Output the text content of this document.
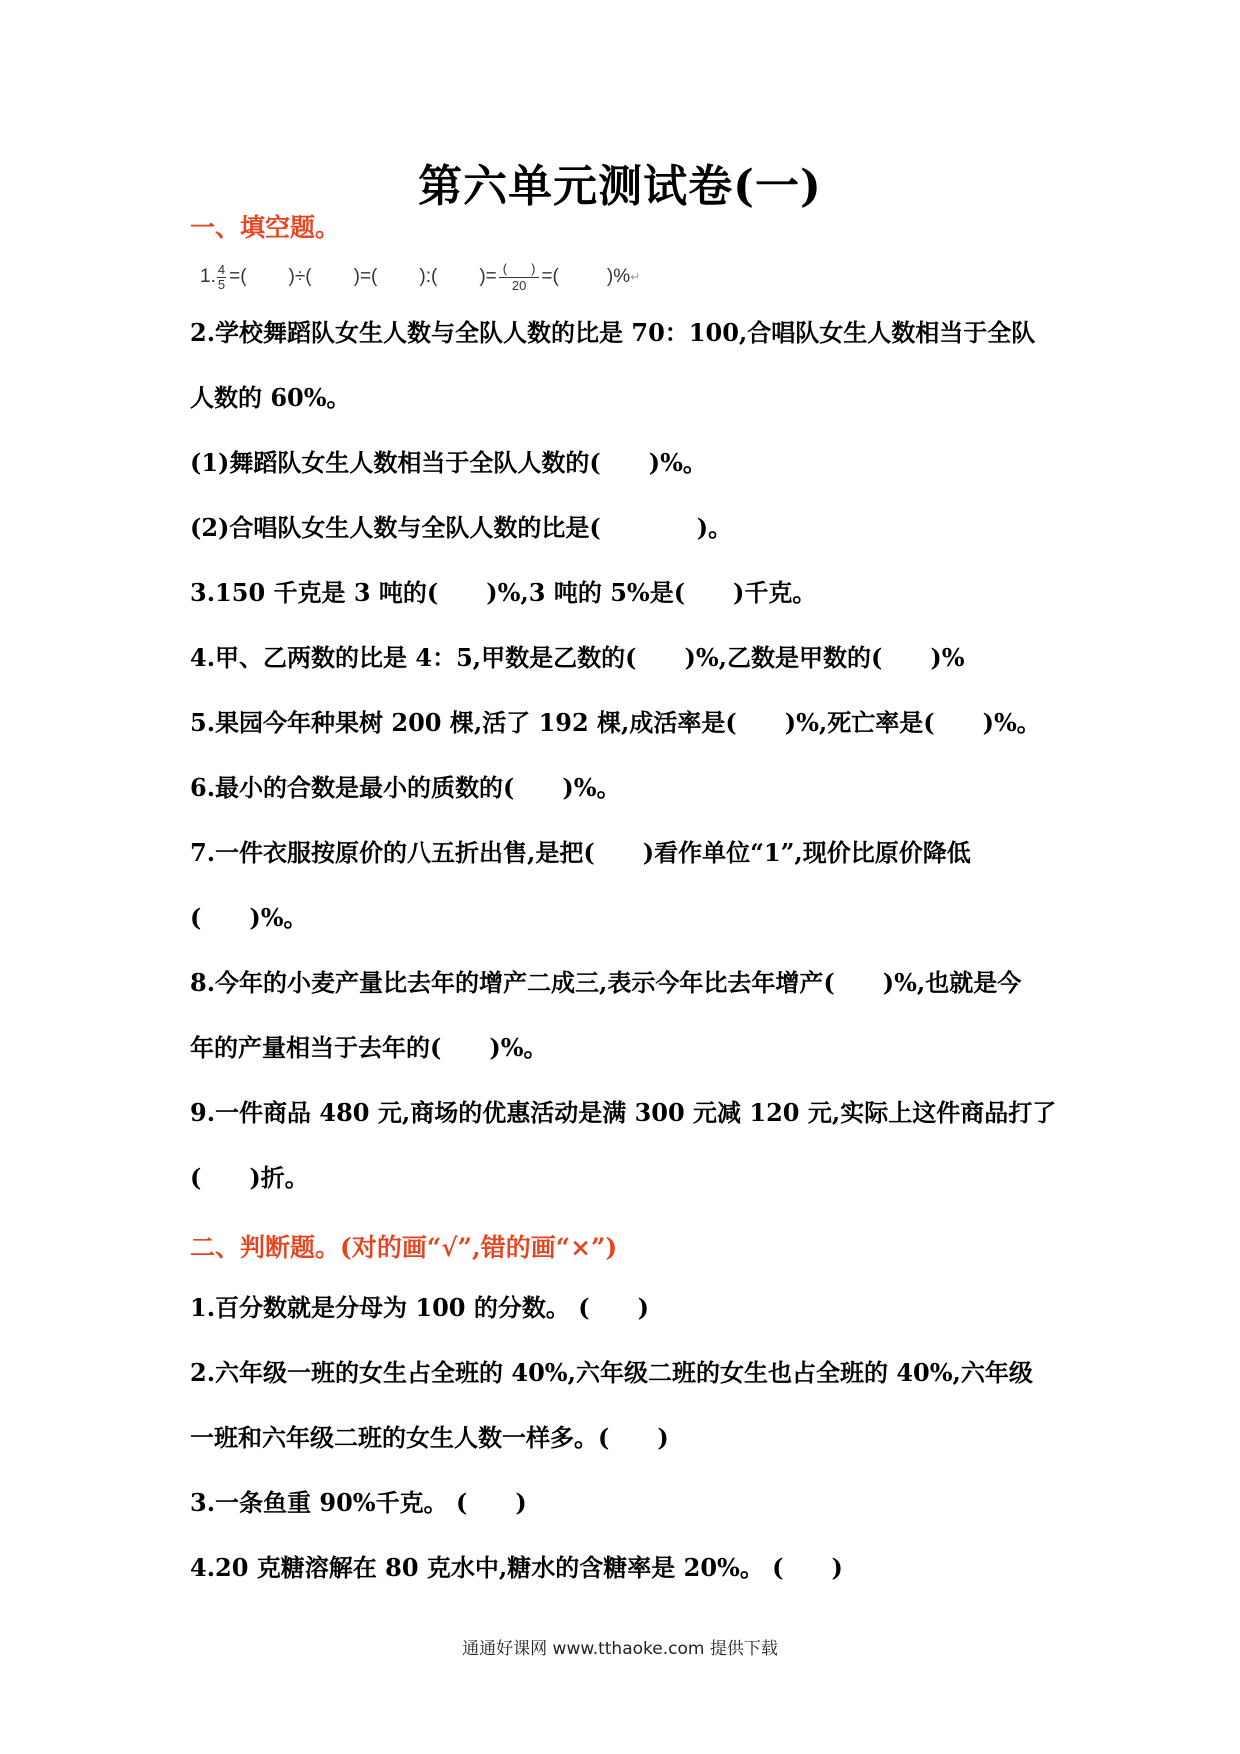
第六单元测试卷(一)
一、填空题。
1. $\frac{4}{5}$ =( )÷( )=( ):( )= $\frac{( )}{20}$ =(	)% ↵
2.学校舞蹈队女生人数与全队人数的比是 70：100,合唱队女生人数相当于全队
人数的 60%。
(1)舞蹈队女生人数相当于全队人数的(　　)%。
(2)合唱队女生人数与全队人数的比是(　　　　)。
3.150 千克是 3 吨的(　　)%,3 吨的 5%是(　　)千克。
4.甲、乙两数的比是 4：5,甲数是乙数的(　　)%,乙数是甲数的(　　)%
5.果园今年种果树 200 棵,活了 192 棵,成活率是(　　)%,死亡率是(　　)%。
6.最小的合数是最小的质数的(　　)%。
7.一件衣服按原价的八五折出售,是把(　　)看作单位“1”,现价比原价降低
(　　)%。
8.今年的小麦产量比去年的增产二成三,表示今年比去年增产(　　)%,也就是今
年的产量相当于去年的(　　)%。
9.一件商品 480 元,商场的优惠活动是满 300 元减 120 元,实际上这件商品打了
(　　)折。
二、判断题。(对的画“√”,错的画“×”)
1.百分数就是分母为 100 的分数。 (　　)
2.六年级一班的女生占全班的 40%,六年级二班的女生也占全班的 40%,六年级
一班和六年级二班的女生人数一样多。(　　)
3.一条鱼重 90%千克。 (　　)
4.20 克糖溶解在 80 克水中,糖水的含糖率是 20%。 (　　)
通通好课网 www.tthaoke.com 提供下载
